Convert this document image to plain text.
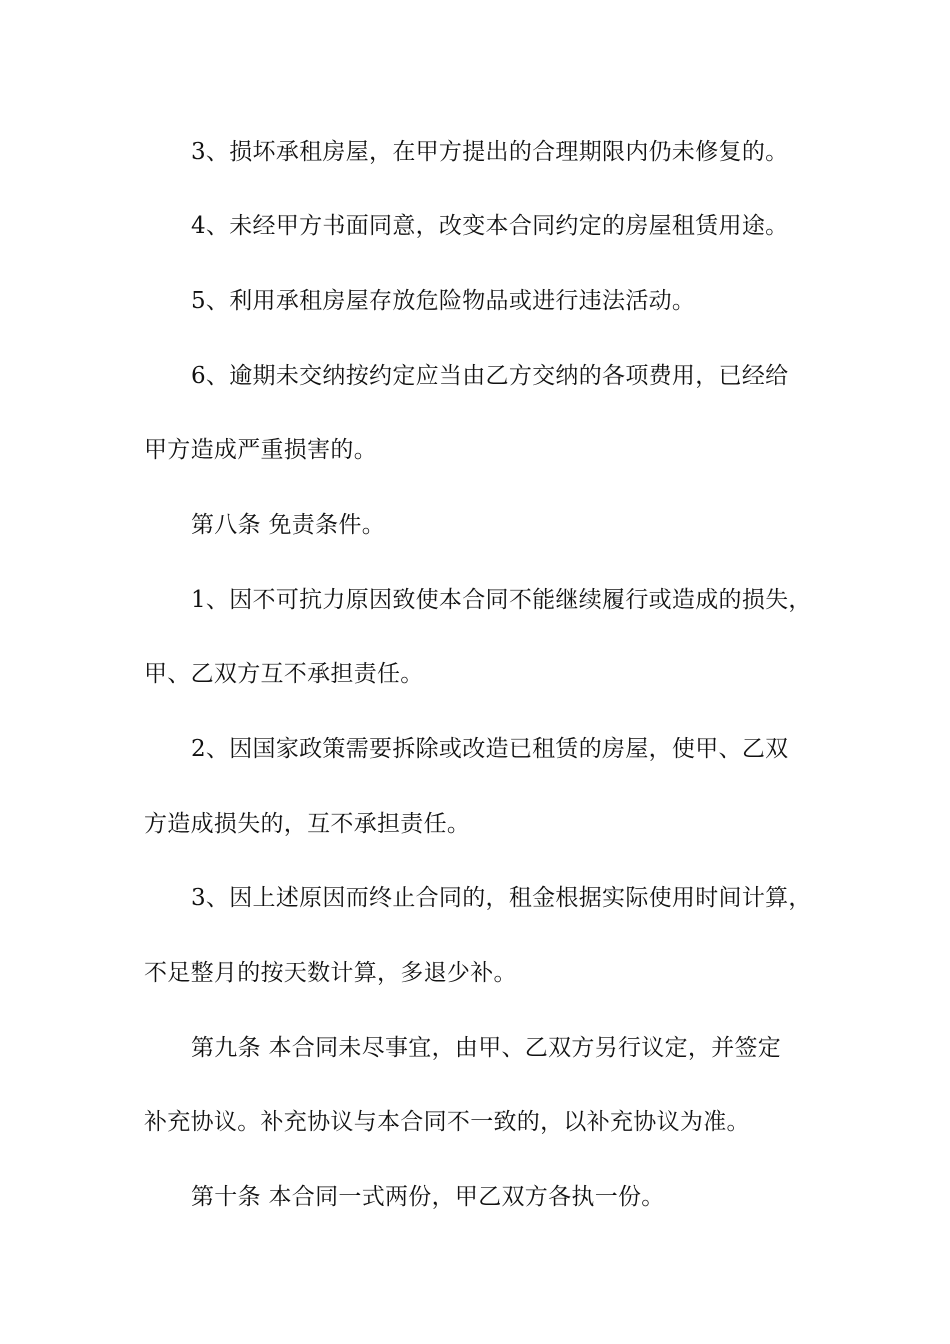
3、损坏承租房屋，在甲方提出的合理期限内仍未修复的。
4、未经甲方书面同意，改变本合同约定的房屋租赁用途。
5、利用承租房屋存放危险物品或进行违法活动。
6、逾期未交纳按约定应当由乙方交纳的各项费用，已经给
甲方造成严重损害的。
第八条 免责条件。
1、因不可抗力原因致使本合同不能继续履行或造成的损失，
甲、乙双方互不承担责任。
2、因国家政策需要拆除或改造已租赁的房屋，使甲、乙双
方造成损失的，互不承担责任。
3、因上述原因而终止合同的，租金根据实际使用时间计算，
不足整月的按天数计算，多退少补。
第九条 本合同未尽事宜，由甲、乙双方另行议定，并签定
补充协议。补充协议与本合同不一致的，以补充协议为准。
第十条 本合同一式两份，甲乙双方各执一份。
